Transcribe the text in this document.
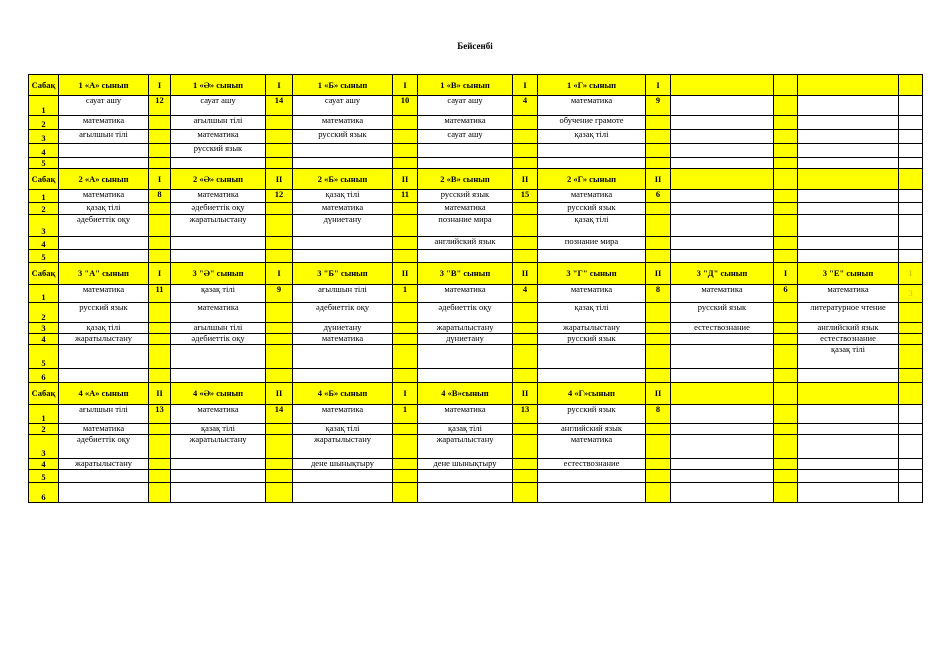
Бейсенбі
Сабақ	1 «А» сынып	I	1 «Ә» сынып	I	1 «Б» сынып	I	1 «В» сынып	I	1 «Г» сынып	I					
1	сауат ашу	12	сауат ашу	14	сауат ашу	10	сауат ашу	4	математика	9					
2	математика		ағылшын тілі		математика		математика		обучение грамоте						
3	ағылшын тілі		математика		русский язык		сауат ашу		қазақ тілі						
4			русский язык												
5															
Сабақ	2 «А» сынып	I	2 «Ә» сынып	II	2 «Б» сынып	II	2 «В» сынып	II	2 «Г» сынып	II					
1	математика	8	математика	12	қазақ тілі	11	русский язык	15	математика	6					
2	қазақ тілі		әдебиеттік оқу		математика		математика		русский язык						
3	әдебиеттік оқу		жаратылыстану		дүниетану		познание мира		қазақ тілі						
4							английский язык		познание мира						
5															
Сабақ	3 "А" сынып	I	3 "Ә" сынып	I	3 "Б" сынып	II	3 "В" сынып	II	3 "Г" сынып	II	3 "Д" сынып	I	3 "Е" сынып		I
1	математика	11	қазақ тілі	9	ағылшын тілі	1	математика	4	математика	8	математика	6	математика		3
2	русский язык		математика		әдебиеттік оқу		әдебиеттік оқу		қазақ тілі		русский язык		литературное чтение		
3	қазақ тілі		ағылшын тілі		дүниетану		жаратылыстану		жаратылыстану		естествознание		английский язык		
4	жаратылыстану		әдебиеттік оқу		математика		дүниетану		русский язык				естествознание		
5													қазақ тілі		
6															
Сабақ	4 «А» сынып	II	4 «Ә» сынып	II	4 «Б» сынып	I	4 «В»сынып	II	4 «Г»сынып	II					
1	ағылшын тілі	13	математика	14	математика	1	математика	13	русский язык	8					
2	математика		қазақ тілі		қазақ тілі		қазақ тілі		английский язык						
3	әдебиеттік оқу		жаратылыстану		жаратылыстану		жаратылыстану		математика						
4	жаратылыстану				дене шынықтыру		дене шынықтыру		естествознание						
5															
6															
